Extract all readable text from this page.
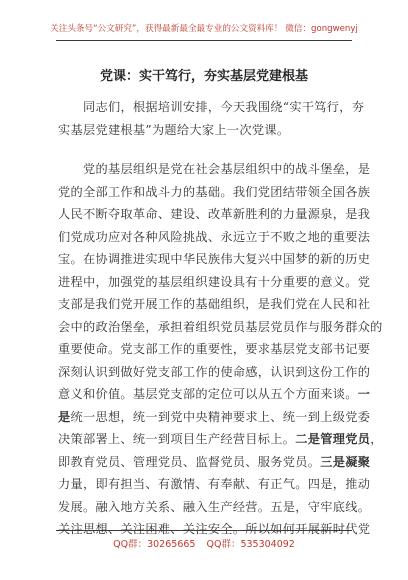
关注头条号“公文研究”，获得最新最全最专业的公文资料库！ 微信：gongwenyj
党课：实干笃行，夯实基层党建根基
同志们，根据培训安排，今天我围绕“实干笃行，夯
实基层党建根基”为题给大家上一次党课。
党的基层组织是党在社会基层组织中的战斗堡垒，是
党的全部工作和战斗力的基础。我们党团结带领全国各族
人民不断夺取革命、建设、改革新胜利的力量源泉，是我
们党成功应对各种风险挑战、永远立于不败之地的重要法
宝。在协调推进实现中华民族伟大复兴中国梦的新的历史
进程中，加强党的基层组织建设具有十分重要的意义。党
支部是我们党开展工作的基础组织，是我们党在人民和社
会中的政治堡垒，承担着组织党员基层党员作与服务群众的
重要使命。党支部工作的重要性，要求基层党支部书记要
深刻认识到做好党支部工作的使命感，认识到这份工作的
意义和价值。基层党支部的定位可以从五个方面来谈。一
是统一思想，统一到党中央精神要求上、统一到上级党委
决策部署上、统一到项目生产经营目标上。二是管理党员，
即教育党员、管理党员、监督党员、服务党员。三是凝聚
力量，即有担当、有激情、有奉献、有正气。四是，推动
发展。融入地方关系、融入生产经营。五是，守牢底线。
关注思想、关注困难、关注安全。所以如何开展新时代党
QQ群：30265665 QQ群：535304092
